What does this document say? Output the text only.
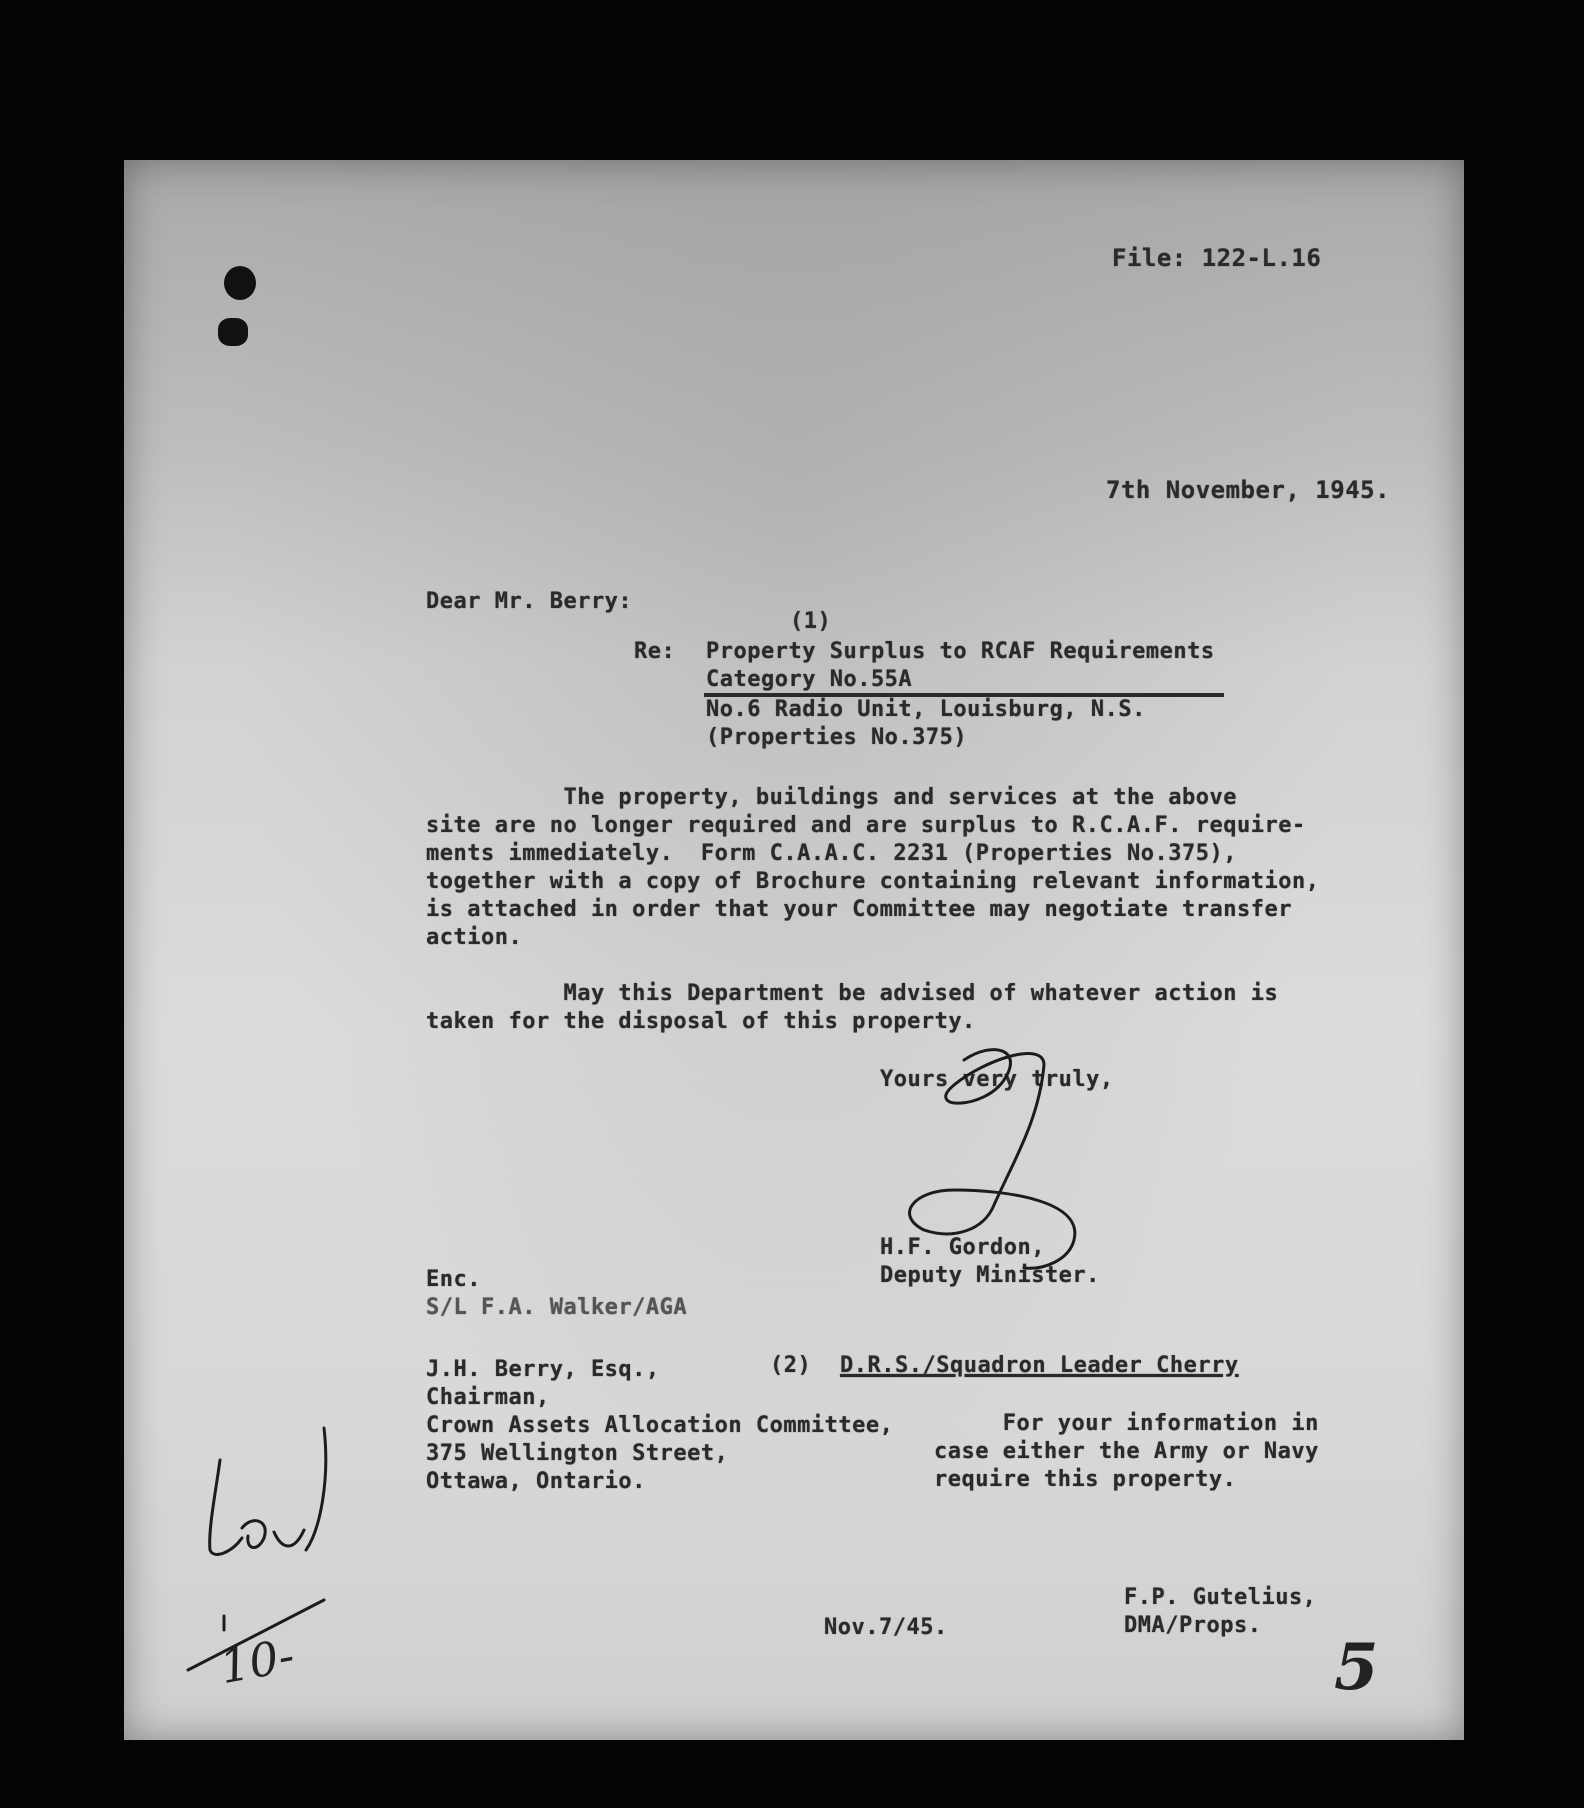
File: 122-L.16
7th November, 1945.
Dear Mr. Berry:
(1)
Re: Property Surplus to RCAF Requirements
Category No.55A
No.6 Radio Unit, Louisburg, N.S.
(Properties No.375)
The property, buildings and services at the above
site are no longer required and are surplus to R.C.A.F. require-
ments immediately.  Form C.A.A.C. 2231 (Properties No.375),
together with a copy of Brochure containing relevant information,
is attached in order that your Committee may negotiate transfer
action.
May this Department be advised of whatever action is
taken for the disposal of this property.
Yours very truly,
H.F. Gordon,
Deputy Minister.
Enc.
S/L F.A. Walker/AGA
J.H. Berry, Esq.,
Chairman,
Crown Assets Allocation Committee,
375 Wellington Street,
Ottawa, Ontario.
(2) D.R.S./Squadron Leader Cherry
For your information in
case either the Army or Navy
require this property.
Nov.7/45.
F.P. Gutelius,
DMA/Props.
5
10-
